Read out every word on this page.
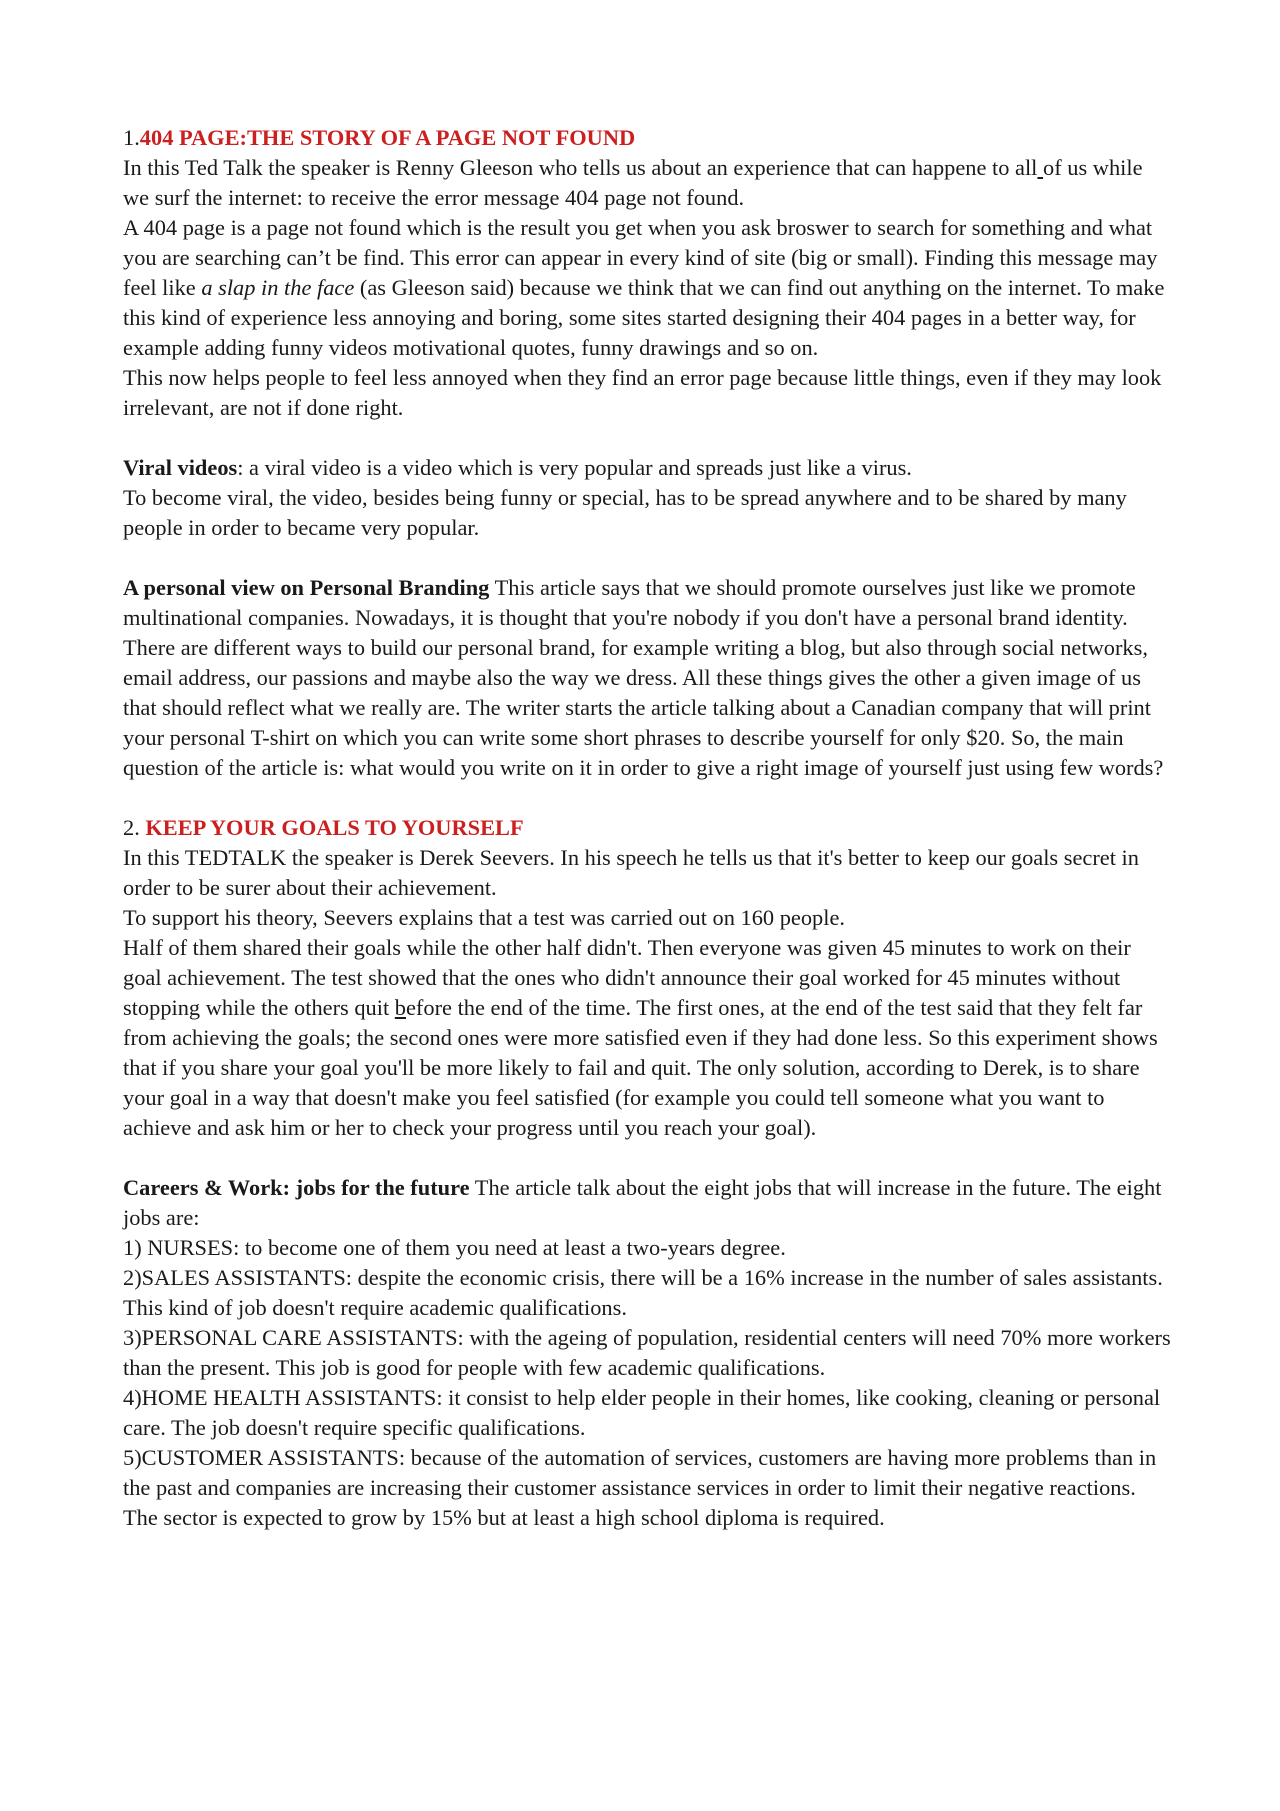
1.404 PAGE:THE STORY OF A PAGE NOT FOUND

In this Ted Talk the speaker is Renny Gleeson who tells us about an experience that can happene to all of us while we surf the internet: to receive the error message 404 page not found.

A 404 page is a page not found which is the result you get when you ask broswer to search for something and what you are searching can’t be find. This error can appear in every kind of site (big or small). Finding this message may feel like a slap in the face (as Gleeson said) because we think that we can find out anything on the internet. To make this kind of experience less annoying and boring, some sites started designing their 404 pages in a better way, for example adding funny videos motivational quotes, funny drawings and so on.

This now helps people to feel less annoyed when they find an error page because little things, even if they may look irrelevant, are not if done right.

Viral videos: a viral video is a video which is very popular and spreads just like a virus.

To become viral, the video, besides being funny or special, has to be spread anywhere and to be shared by many people in order to became very popular.

A personal view on Personal Branding This article says that we should promote ourselves just like we promote multinational companies. Nowadays, it is thought that you're nobody if you don't have a personal brand identity. There are different ways to build our personal brand, for example writing a blog, but also through social networks, email address, our passions and maybe also the way we dress. All these things gives the other a given image of us that should reflect what we really are. The writer starts the article talking about a Canadian company that will print your personal T-shirt on which you can write some short phrases to describe yourself for only $20. So, the main question of the article is: what would you write on it in order to give a right image of yourself just using few words?

2. KEEP YOUR GOALS TO YOURSELF

In this TEDTALK the speaker is Derek Seevers. In his speech he tells us that it's better to keep our goals secret in order to be surer about their achievement.

To support his theory, Seevers explains that a test was carried out on 160 people.

Half of them shared their goals while the other half didn't. Then everyone was given 45 minutes to work on their goal achievement. The test showed that the ones who didn't announce their goal worked for 45 minutes without stopping while the others quit before the end of the time. The first ones, at the end of the test said that they felt far from achieving the goals; the second ones were more satisfied even if they had done less. So this experiment shows that if you share your goal you'll be more likely to fail and quit. The only solution, according to Derek, is to share your goal in a way that doesn't make you feel satisfied (for example you could tell someone what you want to achieve and ask him or her to check your progress until you reach your goal).

Careers & Work: jobs for the future The article talk about the eight jobs that will increase in the future. The eight jobs are:

1) NURSES: to become one of them you need at least a two-years degree.

2)SALES ASSISTANTS: despite the economic crisis, there will be a 16% increase in the number of sales assistants. This kind of job doesn't require academic qualifications.

3)PERSONAL CARE ASSISTANTS: with the ageing of population, residential centers will need 70% more workers than the present. This job is good for people with few academic qualifications.

4)HOME HEALTH ASSISTANTS: it consist to help elder people in their homes, like cooking, cleaning or personal care. The job doesn't require specific qualifications.

5)CUSTOMER ASSISTANTS: because of the automation of services, customers are having more problems than in the past and companies are increasing their customer assistance services in order to limit their negative reactions. The sector is expected to grow by 15% but at least a high school diploma is required.
